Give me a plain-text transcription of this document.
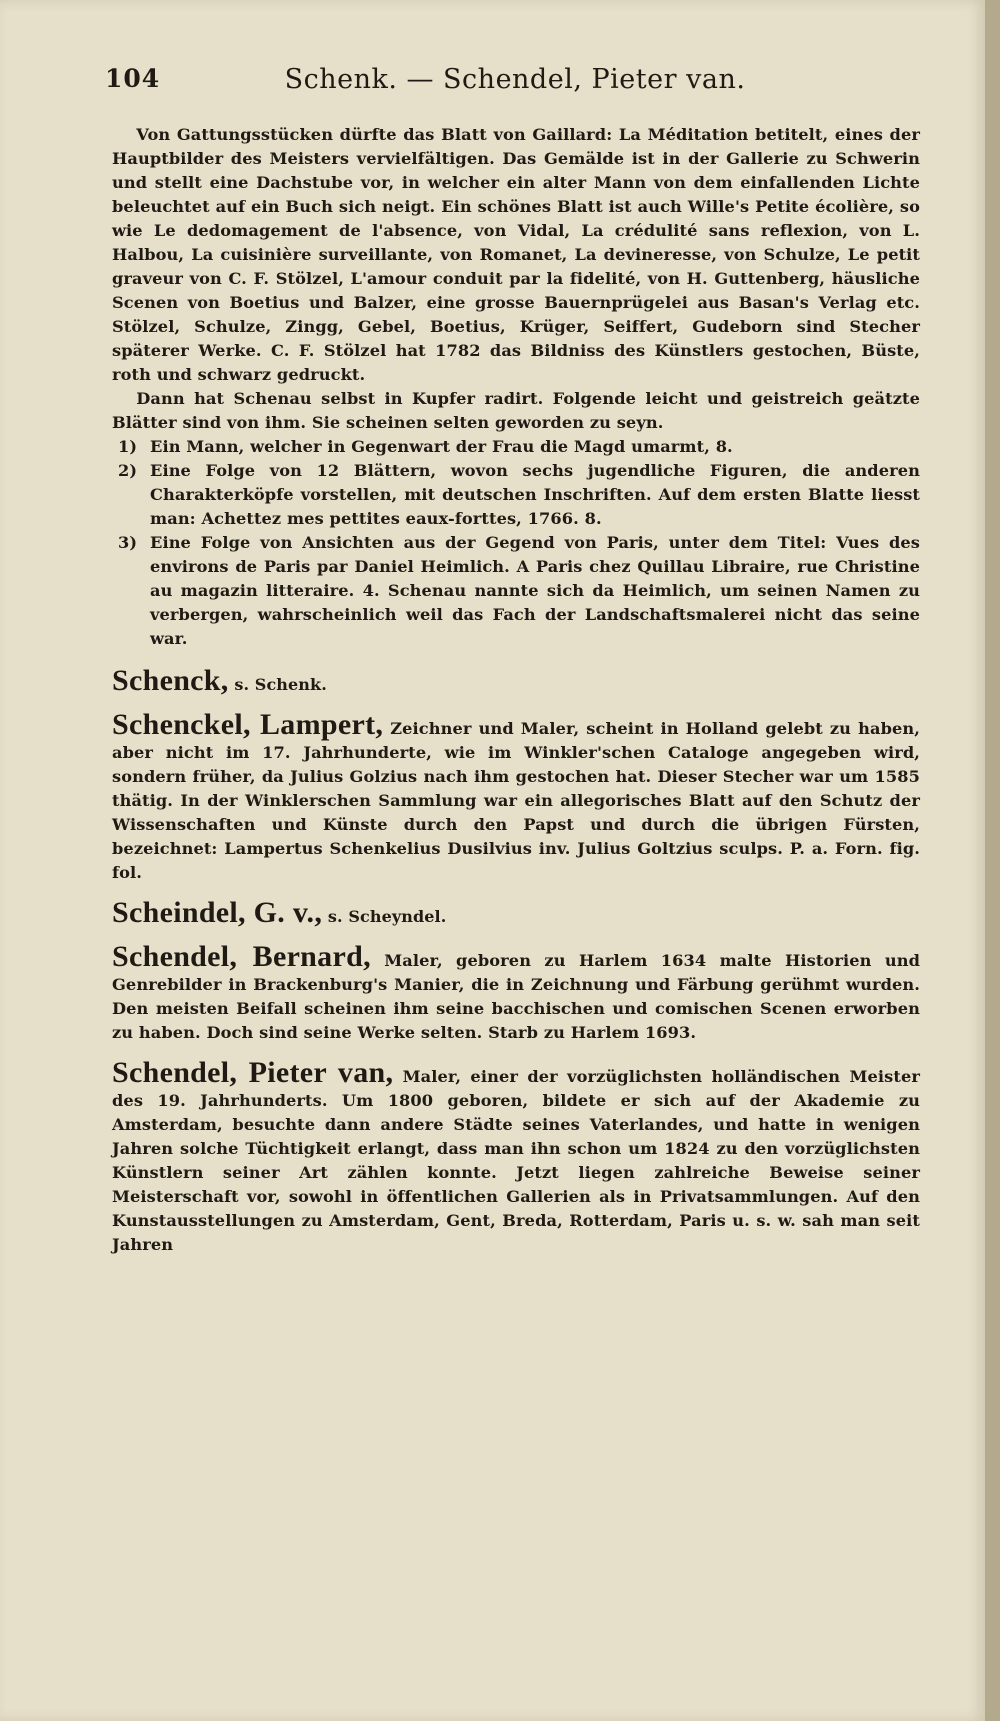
104	Schenk. — Schendel, Pieter van.

Von Gattungsstücken dürfte das Blatt von Gaillard: La Méditation betitelt, eines der Hauptbilder des Meisters vervielfältigen. Das Gemälde ist in der Gallerie zu Schwerin und stellt eine Dachstube vor, in welcher ein alter Mann von dem einfallenden Lichte beleuchtet auf ein Buch sich neigt. Ein schönes Blatt ist auch Wille's Petite écolière, so wie Le dedomagement de l'absence, von Vidal, La crédulité sans reflexion, von L. Halbou, La cuisinière surveillante, von Romanet, La devineresse, von Schulze, Le petit graveur von C. F. Stölzel, L'amour conduit par la fidelité, von H. Guttenberg, häusliche Scenen von Boetius und Balzer, eine grosse Bauernprügelei aus Basan's Verlag etc. Stölzel, Schulze, Zingg, Gebel, Boetius, Krüger, Seiffert, Gudeborn sind Stecher späterer Werke. C. F. Stölzel hat 1782 das Bildniss des Künstlers gestochen, Büste, roth und schwarz gedruckt.

Dann hat Schenau selbst in Kupfer radirt. Folgende leicht und geistreich geätzte Blätter sind von ihm. Sie scheinen selten geworden zu seyn.

1) Ein Mann, welcher in Gegenwart der Frau die Magd umarmt, 8.
2) Eine Folge von 12 Blättern, wovon sechs jugendliche Figuren, die anderen Charakterköpfe vorstellen, mit deutschen Inschriften. Auf dem ersten Blatte liesst man: Achettez mes pettites eaux-forttes, 1766. 8.
3) Eine Folge von Ansichten aus der Gegend von Paris, unter dem Titel: Vues des environs de Paris par Daniel Heimlich. A Paris chez Quillau Libraire, rue Christine au magazin litteraire. 4. Schenau nannte sich da Heimlich, um seinen Namen zu verbergen, wahrscheinlich weil das Fach der Landschaftsmalerei nicht das seine war.
Schenck, s. Schenk.
Schenckel, Lampert, Zeichner und Maler, scheint in Holland gelebt zu haben, aber nicht im 17. Jahrhunderte, wie im Winkler'schen Cataloge angegeben wird, sondern früher, da Julius Golzius nach ihm gestochen hat. Dieser Stecher war um 1585 thätig. In der Winklerschen Sammlung war ein allegorisches Blatt auf den Schutz der Wissenschaften und Künste durch den Papst und durch die übrigen Fürsten, bezeichnet: Lampertus Schenkelius Dusilvius inv. Julius Goltzius sculps. P. a. Forn. fig. fol.
Scheindel, G. v., s. Scheyndel.
Schendel, Bernard, Maler, geboren zu Harlem 1634 malte Historien und Genrebilder in Brackenburg's Manier, die in Zeichnung und Färbung gerühmt wurden. Den meisten Beifall scheinen ihm seine bacchischen und comischen Scenen erworben zu haben. Doch sind seine Werke selten. Starb zu Harlem 1693.
Schendel, Pieter van, Maler, einer der vorzüglichsten holländischen Meister des 19. Jahrhunderts. Um 1800 geboren, bildete er sich auf der Akademie zu Amsterdam, besuchte dann andere Städte seines Vaterlandes, und hatte in wenigen Jahren solche Tüchtigkeit erlangt, dass man ihn schon um 1824 zu den vorzüglichsten Künstlern seiner Art zählen konnte. Jetzt liegen zahlreiche Beweise seiner Meisterschaft vor, sowohl in öffentlichen Gallerien als in Privatsammlungen. Auf den Kunstausstellungen zu Amsterdam, Gent, Breda, Rotterdam, Paris u. s. w. sah man seit Jahren
